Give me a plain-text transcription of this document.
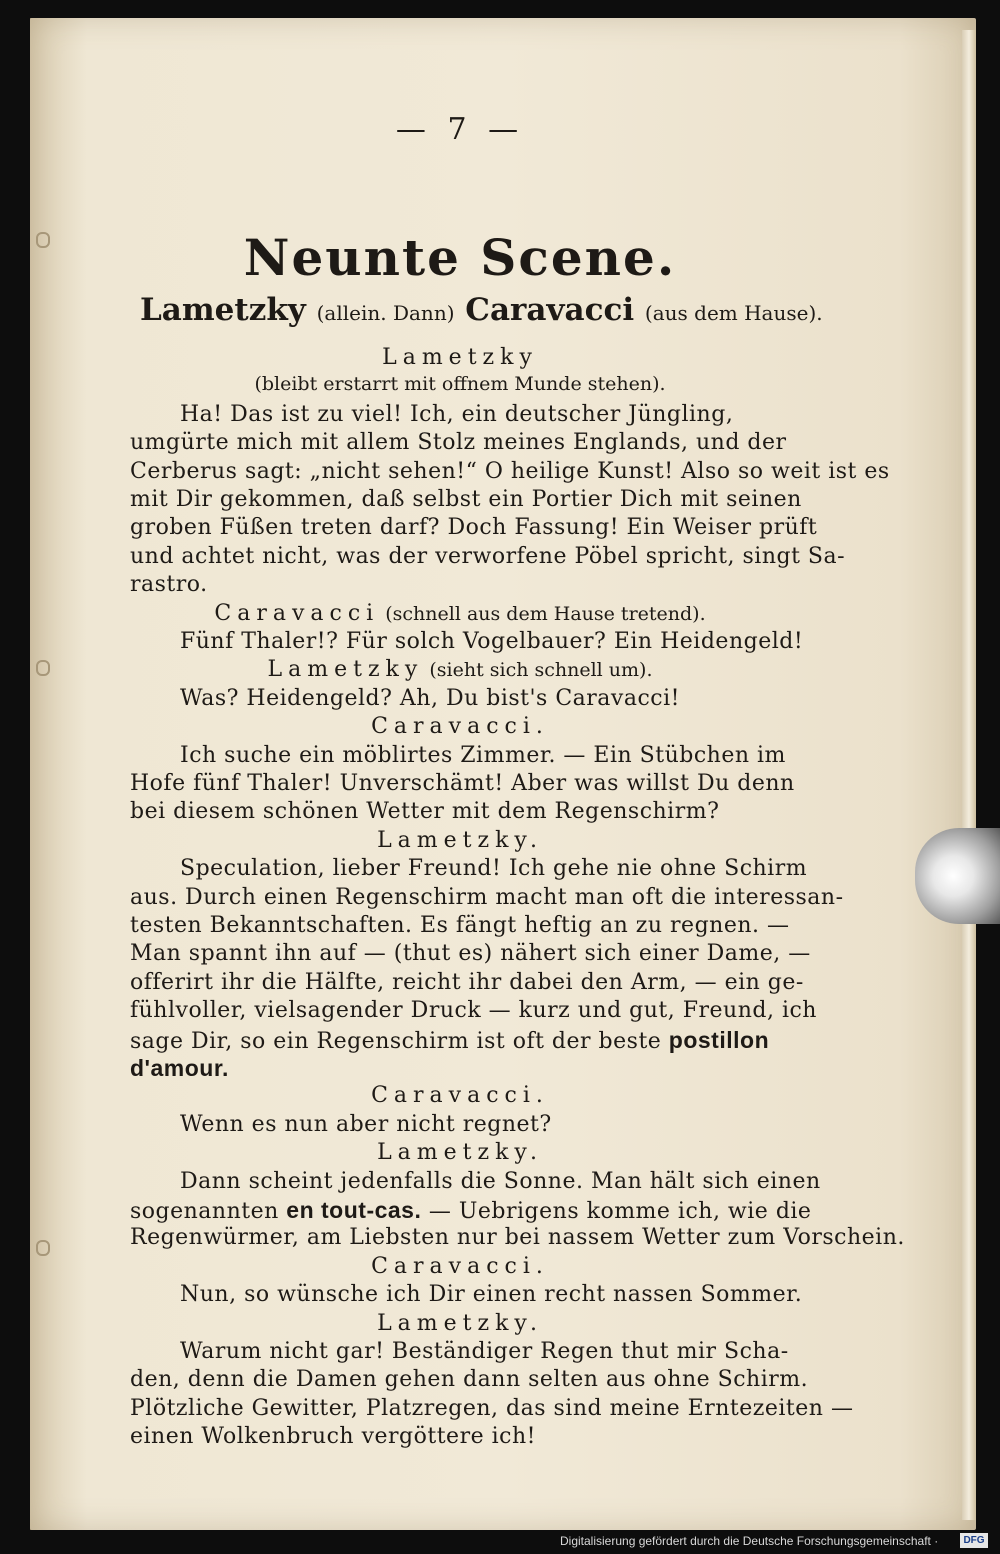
— 7 —
Neunte Scene.
Lametzky (allein. Dann) Caravacci (aus dem Hause).
Lametzky
(bleibt erstarrt mit offnem Munde stehen).
Ha! Das ist zu viel! Ich, ein deutscher Jüngling,
umgürte mich mit allem Stolz meines Englands, und der
Cerberus sagt: „nicht sehen!“ O heilige Kunst! Also so weit ist es
mit Dir gekommen, daß selbst ein Portier Dich mit seinen
groben Füßen treten darf? Doch Fassung! Ein Weiser prüft
und achtet nicht, was der verworfene Pöbel spricht, singt Sa-
rastro.
Caravacci (schnell aus dem Hause tretend).
Fünf Thaler!? Für solch Vogelbauer? Ein Heidengeld!
Lametzky (sieht sich schnell um).
Was? Heidengeld? Ah, Du bist's Caravacci!
Caravacci.
Ich suche ein möblirtes Zimmer. — Ein Stübchen im
Hofe fünf Thaler! Unverschämt! Aber was willst Du denn
bei diesem schönen Wetter mit dem Regenschirm?
Lametzky.
Speculation, lieber Freund! Ich gehe nie ohne Schirm
aus. Durch einen Regenschirm macht man oft die interessan-
testen Bekanntschaften. Es fängt heftig an zu regnen. —
Man spannt ihn auf — (thut es) nähert sich einer Dame, —
offerirt ihr die Hälfte, reicht ihr dabei den Arm, — ein ge-
fühlvoller, vielsagender Druck — kurz und gut, Freund, ich
sage Dir, so ein Regenschirm ist oft der beste postillon
d'amour.
Caravacci.
Wenn es nun aber nicht regnet?
Lametzky.
Dann scheint jedenfalls die Sonne. Man hält sich einen
sogenannten en tout-cas. — Uebrigens komme ich, wie die
Regenwürmer, am Liebsten nur bei nassem Wetter zum Vorschein.
Caravacci.
Nun, so wünsche ich Dir einen recht nassen Sommer.
Lametzky.
Warum nicht gar! Beständiger Regen thut mir Scha-
den, denn die Damen gehen dann selten aus ohne Schirm.
Plötzliche Gewitter, Platzregen, das sind meine Erntezeiten —
einen Wolkenbruch vergöttere ich!
Digitalisierung gefördert durch die Deutsche Forschungsgemeinschaft ·	DFG
